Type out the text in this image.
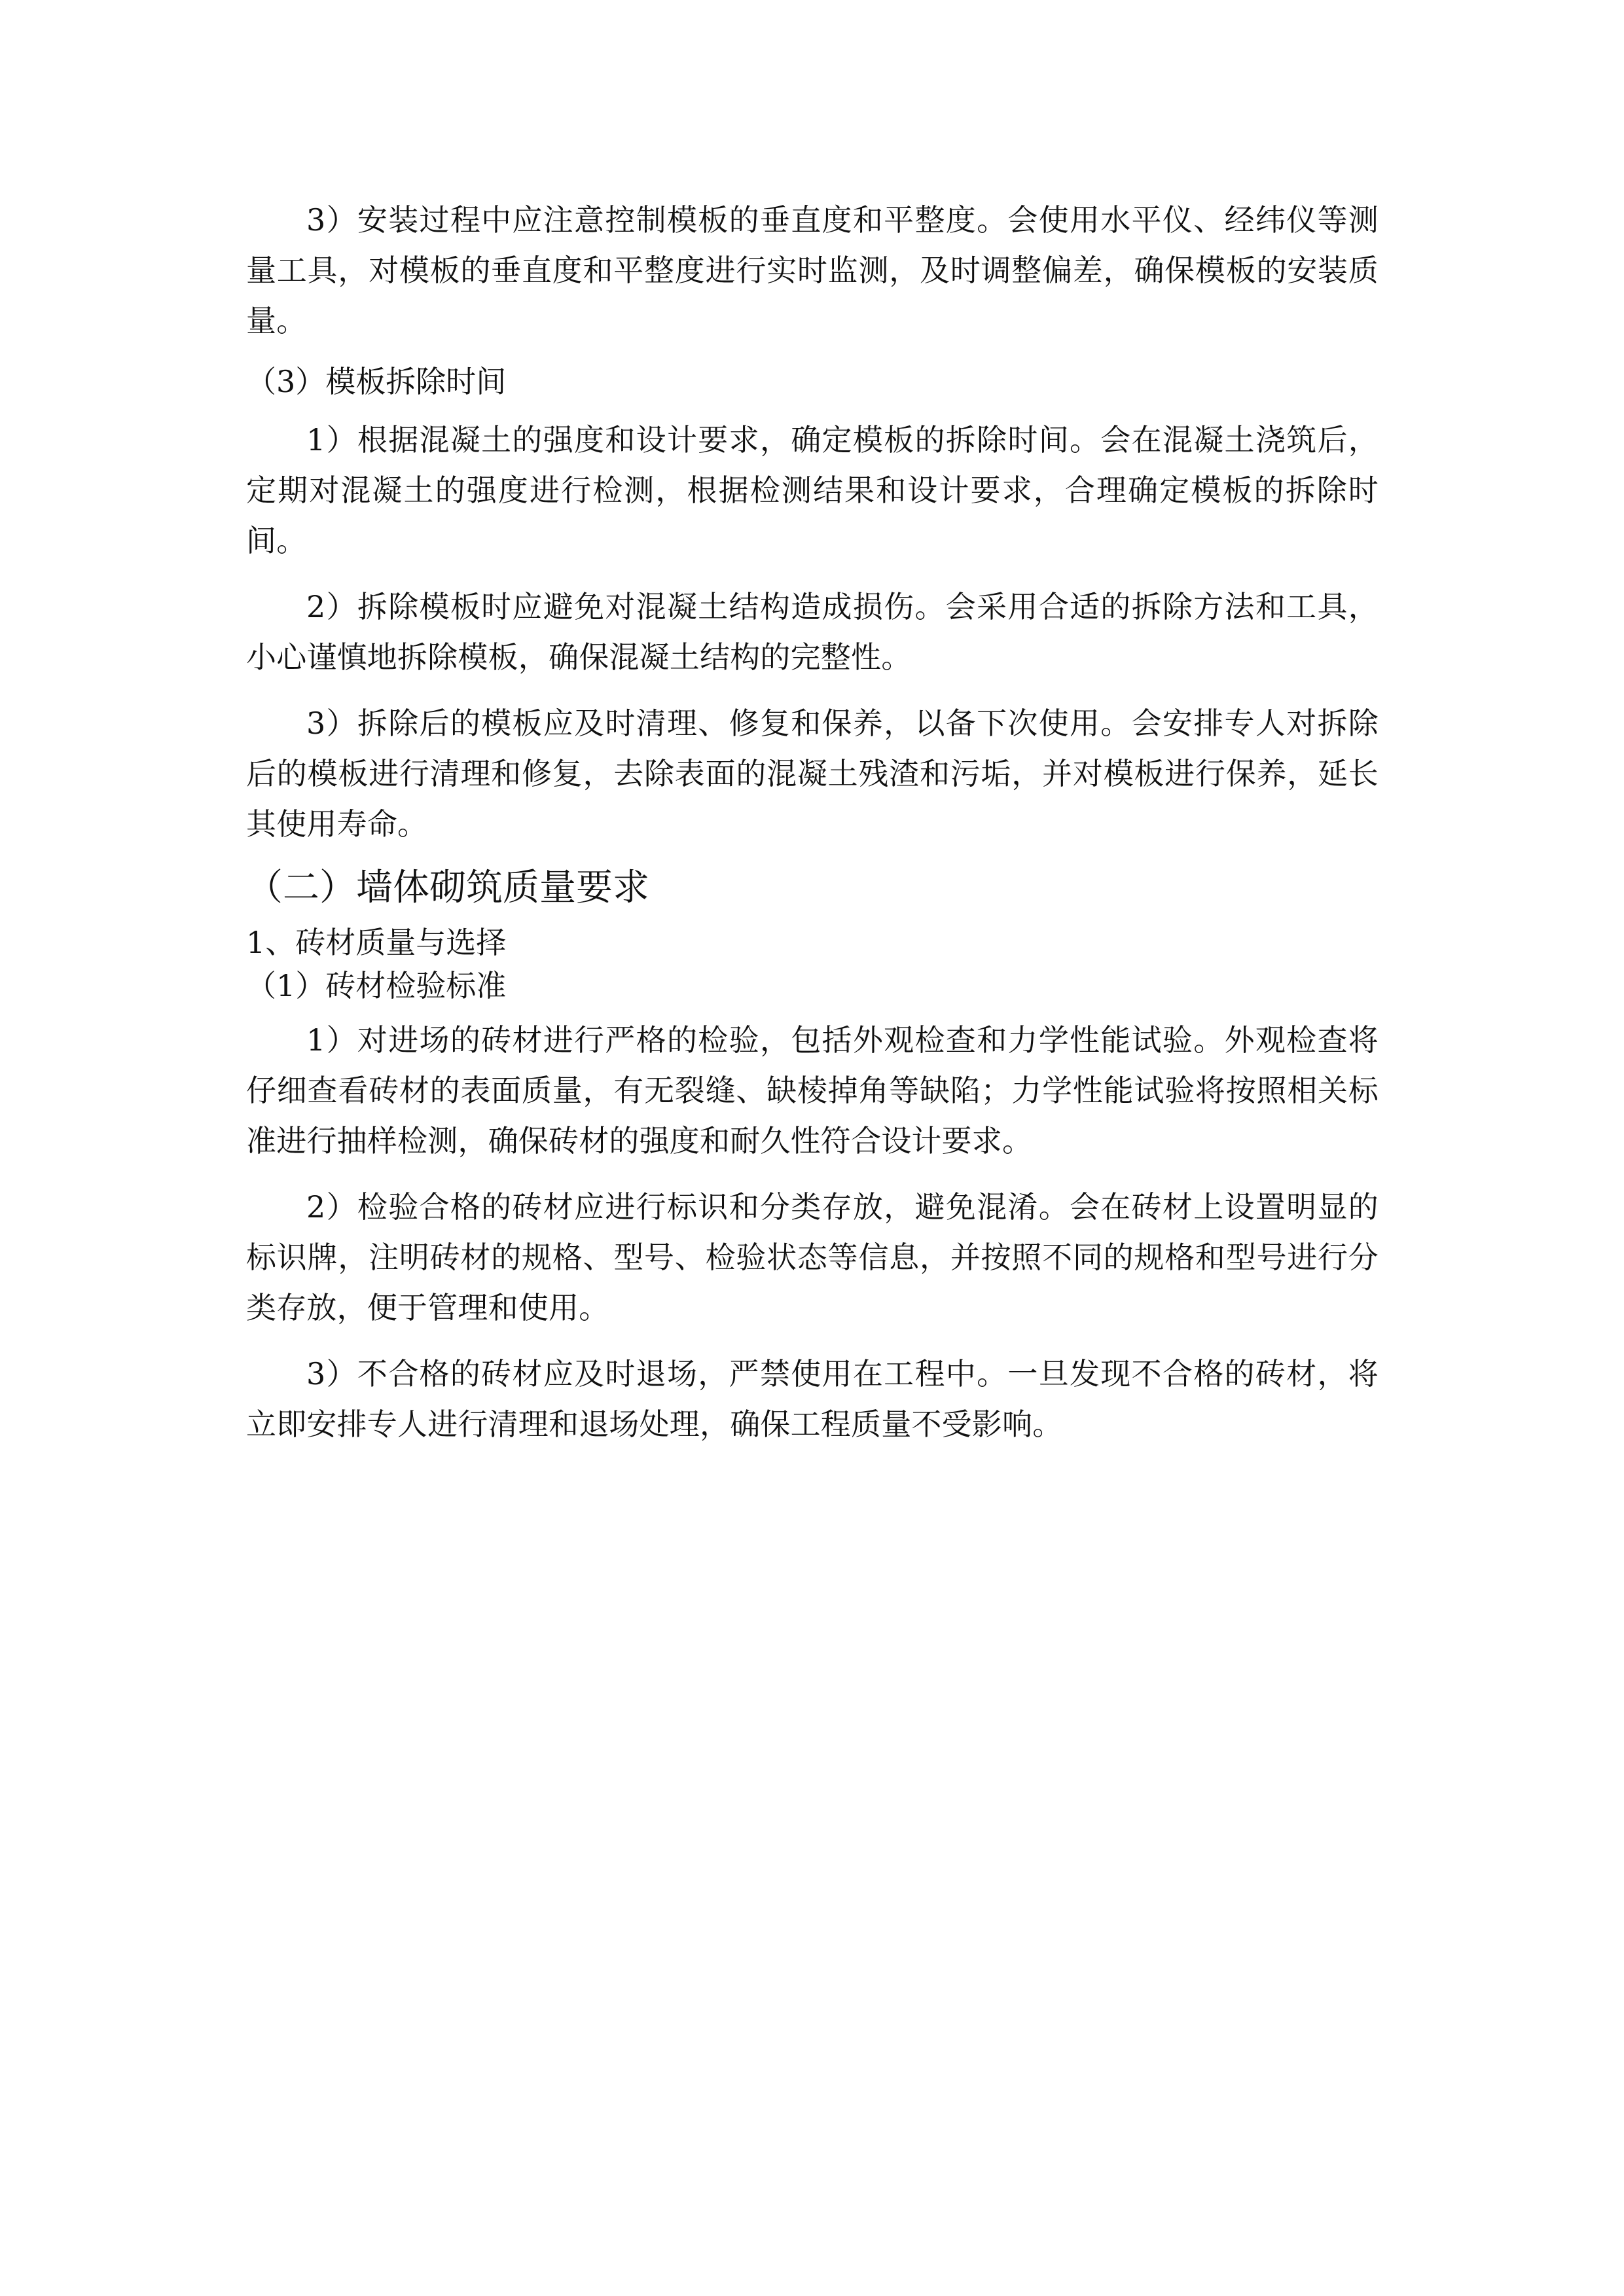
3）安装过程中应注意控制模板的垂直度和平整度。会使用水平仪、经纬仪等测量工具，对模板的垂直度和平整度进行实时监测，及时调整偏差，确保模板的安装质量。

（3）模板拆除时间

1）根据混凝土的强度和设计要求，确定模板的拆除时间。会在混凝土浇筑后，定期对混凝土的强度进行检测，根据检测结果和设计要求，合理确定模板的拆除时间。

2）拆除模板时应避免对混凝土结构造成损伤。会采用合适的拆除方法和工具，小心谨慎地拆除模板，确保混凝土结构的完整性。

3）拆除后的模板应及时清理、修复和保养，以备下次使用。会安排专人对拆除后的模板进行清理和修复，去除表面的混凝土残渣和污垢，并对模板进行保养，延长其使用寿命。

（二）墙体砌筑质量要求
1、砖材质量与选择
（1）砖材检验标准

1）对进场的砖材进行严格的检验，包括外观检查和力学性能试验。外观检查将仔细查看砖材的表面质量，有无裂缝、缺棱掉角等缺陷；力学性能试验将按照相关标准进行抽样检测，确保砖材的强度和耐久性符合设计要求。

2）检验合格的砖材应进行标识和分类存放，避免混淆。会在砖材上设置明显的标识牌，注明砖材的规格、型号、检验状态等信息，并按照不同的规格和型号进行分类存放，便于管理和使用。

3）不合格的砖材应及时退场，严禁使用在工程中。一旦发现不合格的砖材，将立即安排专人进行清理和退场处理，确保工程质量不受影响。
